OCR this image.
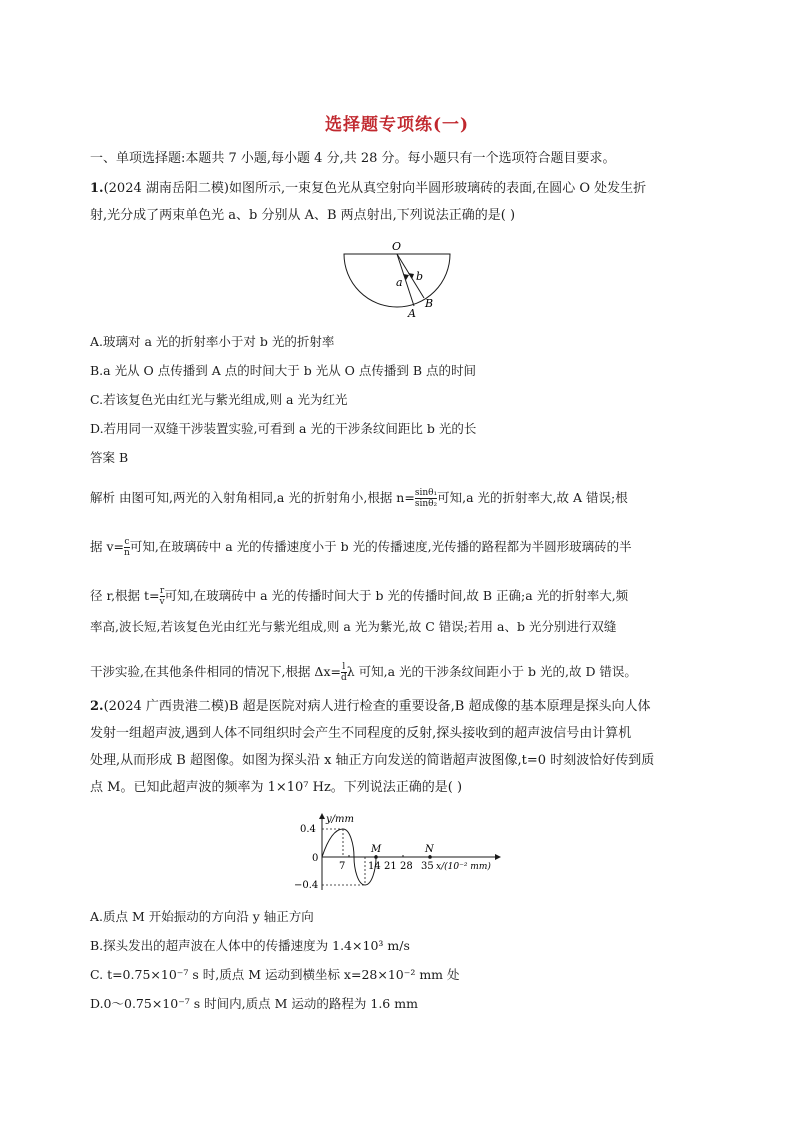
选择题专项练(一)
一、单项选择题:本题共 7 小题,每小题 4 分,共 28 分。每小题只有一个选项符合题目要求。
1.(2024 湖南岳阳二模)如图所示,一束复色光从真空射向半圆形玻璃砖的表面,在圆心 O 处发生折
射,光分成了两束单色光 a、b 分别从 A、B 两点射出,下列说法正确的是( )
O
a b
A
B
A.玻璃对 a 光的折射率小于对 b 光的折射率
B.a 光从 O 点传播到 A 点的时间大于 b 光从 O 点传播到 B 点的时间
C.若该复色光由红光与紫光组成,则 a 光为红光
D.若用同一双缝干涉装置实验,可看到 a 光的干涉条纹间距比 b 光的长
答案 B
解析 由图可知,两光的入射角相同,a 光的折射角小,根据 $n= \frac{\text{sinθ₁}}{\text{sinθ₂}}$ 可知,a 光的折射率大,故 A 错误;根
据 $v= \frac{c}{n}$ 可知,在玻璃砖中 a 光的传播速度小于 b 光的传播速度,光传播的路程都为半圆形玻璃砖的半
径 r,根据 $t= \frac{r}{v}$ 可知,在玻璃砖中 a 光的传播时间大于 b 光的传播时间,故 B 正确;a 光的折射率大,频
率高,波长短,若该复色光由红光与紫光组成,则 a 光为紫光,故 C 错误;若用 a、b 光分别进行双缝
干涉实验,在其他条件相同的情况下,根据 $\Delta x= \frac{l}{d}$ λ 可知,a 光的干涉条纹间距小于 b 光的,故 D 错误。
2.(2024 广西贵港二模)B 超是医院对病人进行检查的重要设备,B 超成像的基本原理是探头向人体
发射一组超声波,遇到人体不同组织时会产生不同程度的反射,探头接收到的超声波信号由计算机
处理,从而形成 B 超图像。如图为探头沿 x 轴正方向发送的简谐超声波图像,t=0 时刻波恰好传到质
点 M。已知此超声波的频率为 1×10⁷ Hz。下列说法正确的是( )
y/mm
0.4
−0.4
0
7 14 21 28 35 x/(10⁻² mm)
M	N
A.质点 M 开始振动的方向沿 y 轴正方向
B.探头发出的超声波在人体中的传播速度为 1.4×10³ m/s
C. t=0.75×10⁻⁷ s 时,质点 M 运动到横坐标 x=28×10⁻² mm 处
D.0～0.75×10⁻⁷ s 时间内,质点 M 运动的路程为 1.6 mm
